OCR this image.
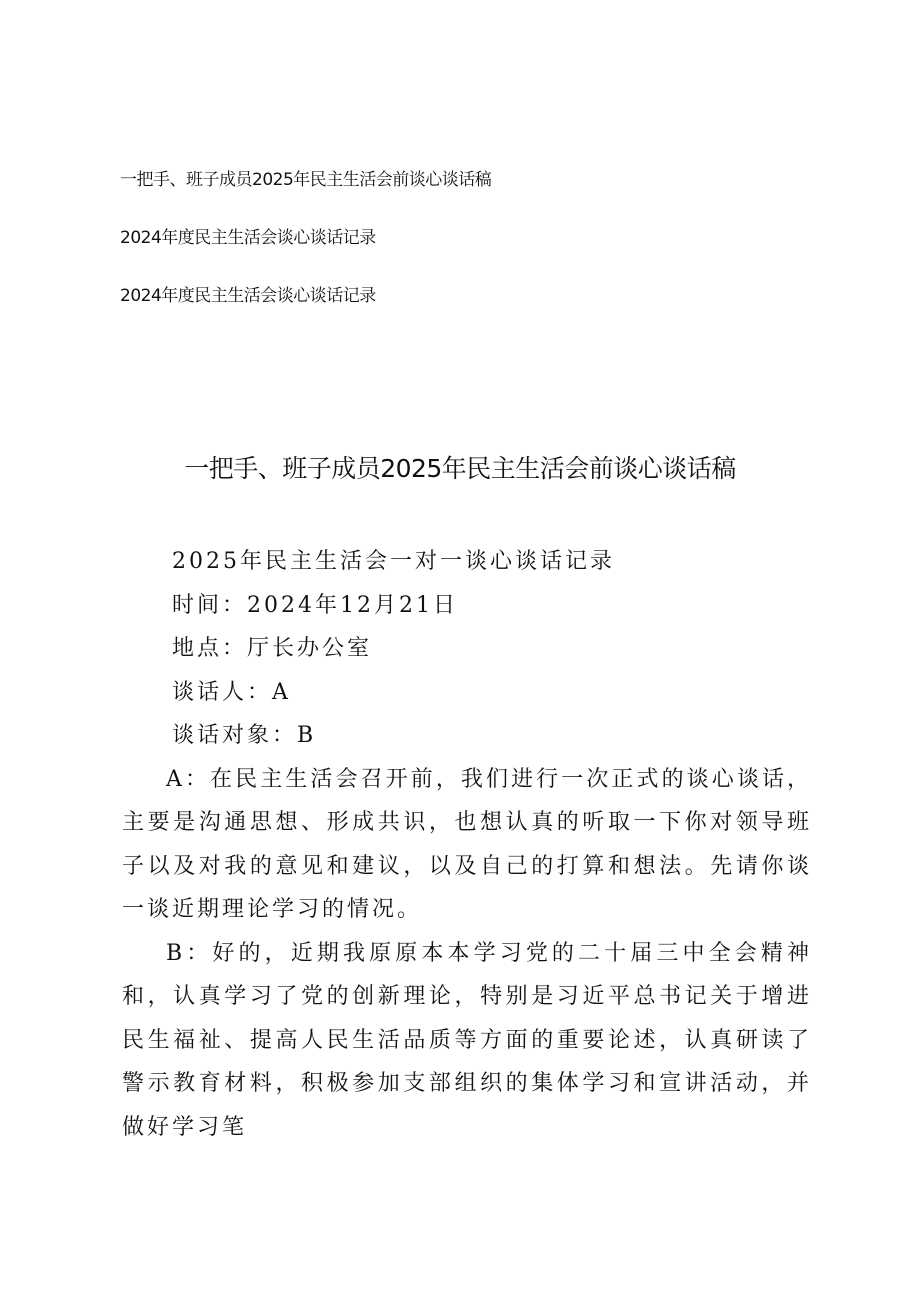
一把手、班子成员2025年民主生活会前谈心谈话稿
2024年度民主生活会谈心谈话记录
2024年度民主生活会谈心谈话记录
一把手、班子成员2025年民主生活会前谈心谈话稿
2025年民主生活会一对一谈心谈话记录
时间：2024年12月21日
地点：厅长办公室
谈话人：A
谈话对象：B

A：在民主生活会召开前，我们进行一次正式的谈心谈话，主要是沟通思想、形成共识，也想认真的听取一下你对领导班子以及对我的意见和建议，以及自己的打算和想法。先请你谈一谈近期理论学习的情况。

B：好的，近期我原原本本学习党的二十届三中全会精神和，认真学习了党的创新理论，特别是习近平总书记关于增进民生福祉、提高人民生活品质等方面的重要论述，认真研读了警示教育材料，积极参加支部组织的集体学习和宣讲活动，并做好学习笔
